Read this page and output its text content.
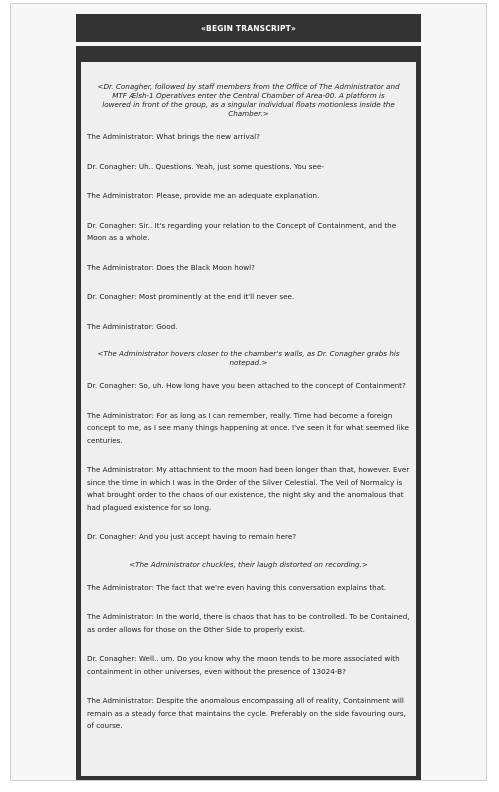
«BEGIN TRANSCRIPT»

<Dr. Conagher, followed by staff members from the Office of The Administrator and MTF Ælsh-1 Operatives enter the Central Chamber of Area-00. A platform is lowered in front of the group, as a singular individual floats motionless inside the Chamber.>

The Administrator: What brings the new arrival?

Dr. Conagher: Uh.. Questions. Yeah, just some questions. You see-

The Administrator: Please, provide me an adequate explanation.

Dr. Conagher: Sir.. It's regarding your relation to the Concept of Containment, and the Moon as a whole.

The Administrator: Does the Black Moon howl?

Dr. Conagher: Most prominently at the end it'll never see.

The Administrator: Good.

<The Administrator hovers closer to the chamber's walls, as Dr. Conagher grabs his notepad.>

Dr. Conagher: So, uh. How long have you been attached to the concept of Containment?

The Administrator: For as long as I can remember, really. Time had become a foreign concept to me, as I see many things happening at once. I've seen it for what seemed like centuries.

The Administrator: My attachment to the moon had been longer than that, however. Ever since the time in which I was in the Order of the Silver Celestial. The Veil of Normalcy is what brought order to the chaos of our existence, the night sky and the anomalous that had plagued existence for so long.

Dr. Conagher: And you just accept having to remain here?

<The Administrator chuckles, their laugh distorted on recording.>

The Administrator: The fact that we're even having this conversation explains that.

The Administrator: In the world, there is chaos that has to be controlled. To be Contained, as order allows for those on the Other Side to properly exist.

Dr. Conagher: Well.. um. Do you know why the moon tends to be more associated with containment in other universes, even without the presence of 13024-B?

The Administrator: Despite the anomalous encompassing all of reality, Containment will remain as a steady force that maintains the cycle. Preferably on the side favouring ours, of course.
